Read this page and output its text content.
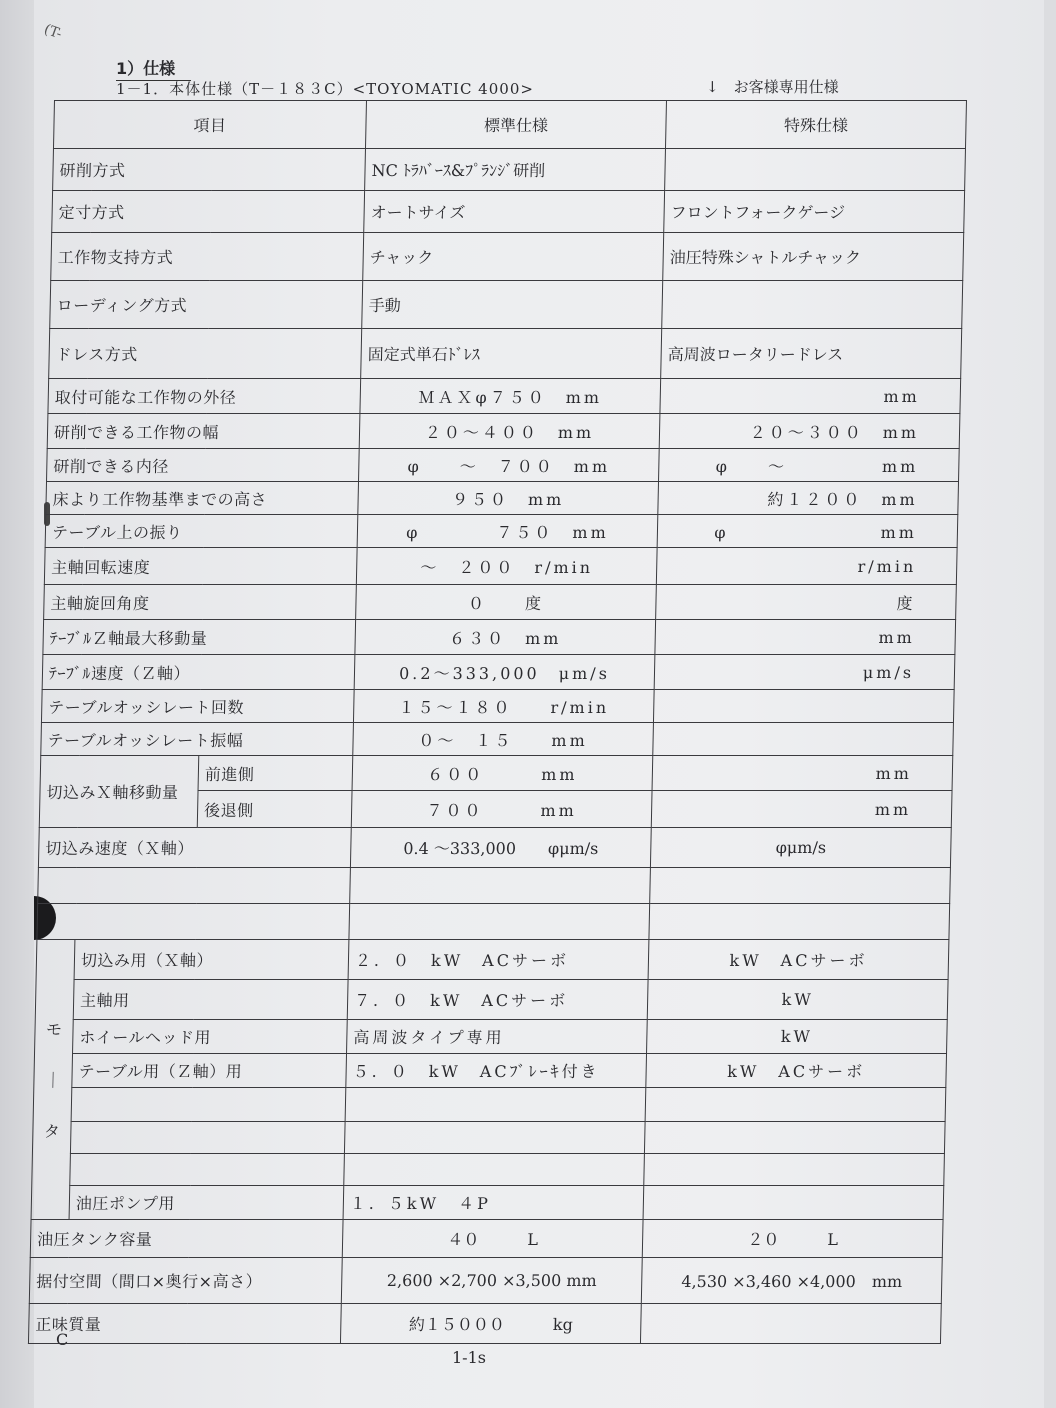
(T-
1）仕様
1－1．本体仕様（T－１８３C）<TOYOMATIC 4000>	↓　お客様専用仕様
項目			標準仕様	特殊仕様
研削方式			NC ﾄﾗﾊﾞｰｽ&ﾌﾟﾗﾝｼﾞ研削	
定寸方式			オートサイズ	フロントフォークゲージ
工作物支持方式			チャック	油圧特殊シャトルチャック
ローディング方式			手動	
ドレス方式			固定式単石ﾄﾞﾚｽ	高周波ロータリードレス
取付可能な工作物の外径			ＭＡＸφ７５０　mm	mm
研削できる工作物の幅			２０～４００　mm	２０～３００　mm
研削できる内径			φ　　～　７００　mm	φ　　～　　　　　mm
床より工作物基準までの高さ			９５０　mm	約１２００　mm
テーブル上の振り			φ　　　　７５０　mm	φ　　　　　　　　mm
主軸回転速度			～　２００　r/min	r/min
主軸旋回角度			０　　度	度
ﾃｰﾌﾞﾙＺ軸最大移動量			６３０　mm	mm
ﾃｰﾌﾞﾙ速度（Ｚ軸）			0.2～333,000　μm/s	μm/s
テーブルオッシレート回数			１５～１８０　　r/min	
テーブルオッシレート振幅			０～　１５　　mm	
切込みＸ軸移動量		前進側	６００　　　mm	mm
		後退側	７００　　　mm	mm
切込み速度（Ｘ軸）			0.4 ～333,000　　φμm/s	φμm/s

モ
｜
タ	切込み用（Ｘ軸）		２．０　kW　ACサーボ	kW　ACサーボ
	主軸用		７．０　kW　ACサーボ	kW
	ホイールヘッド用		高周波タイプ専用	kW
	テーブル用（Ｚ軸）用		５．０　kW　ACﾌﾞﾚｰｷ付き	kW　ACサーボ

	油圧ポンプ用		１．５kW　４P	
油圧タンク容量			４０　　　L	２０　　　L
据付空間（間口×奥行×高さ）			2,600 ×2,700 ×3,500 mm	4,530 ×3,460 ×4,000　mm
正味質量			約１５０００　　　kg	
C
1-1s
